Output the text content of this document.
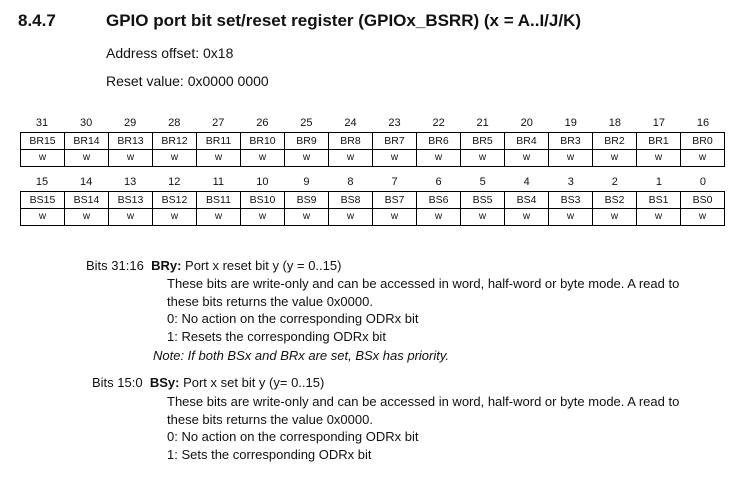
8.4.7	GPIO port bit set/reset register (GPIOx_BSRR) (x = A..I/J/K)
Address offset: 0x18
Reset value: 0x0000 0000
31	30	29	28	27	26	25	24	23	22	21	20	19	18	17	16
BR15	BR14	BR13	BR12	BR11	BR10	BR9	BR8	BR7	BR6	BR5	BR4	BR3	BR2	BR1	BR0
w	w	w	w	w	w	w	w	w	w	w	w	w	w	w	w
15	14	13	12	11	10	9	8	7	6	5	4	3	2	1	0
BS15	BS14	BS13	BS12	BS11	BS10	BS9	BS8	BS7	BS6	BS5	BS4	BS3	BS2	BS1	BS0
w	w	w	w	w	w	w	w	w	w	w	w	w	w	w	w
Bits 31:16 BRy: Port x reset bit y (y = 0..15)
These bits are write-only and can be accessed in word, half-word or byte mode. A read to
these bits returns the value 0x0000.
0: No action on the corresponding ODRx bit
1: Resets the corresponding ODRx bit
Note: If both BSx and BRx are set, BSx has priority.
Bits 15:0 BSy: Port x set bit y (y= 0..15)
These bits are write-only and can be accessed in word, half-word or byte mode. A read to
these bits returns the value 0x0000.
0: No action on the corresponding ODRx bit
1: Sets the corresponding ODRx bit
